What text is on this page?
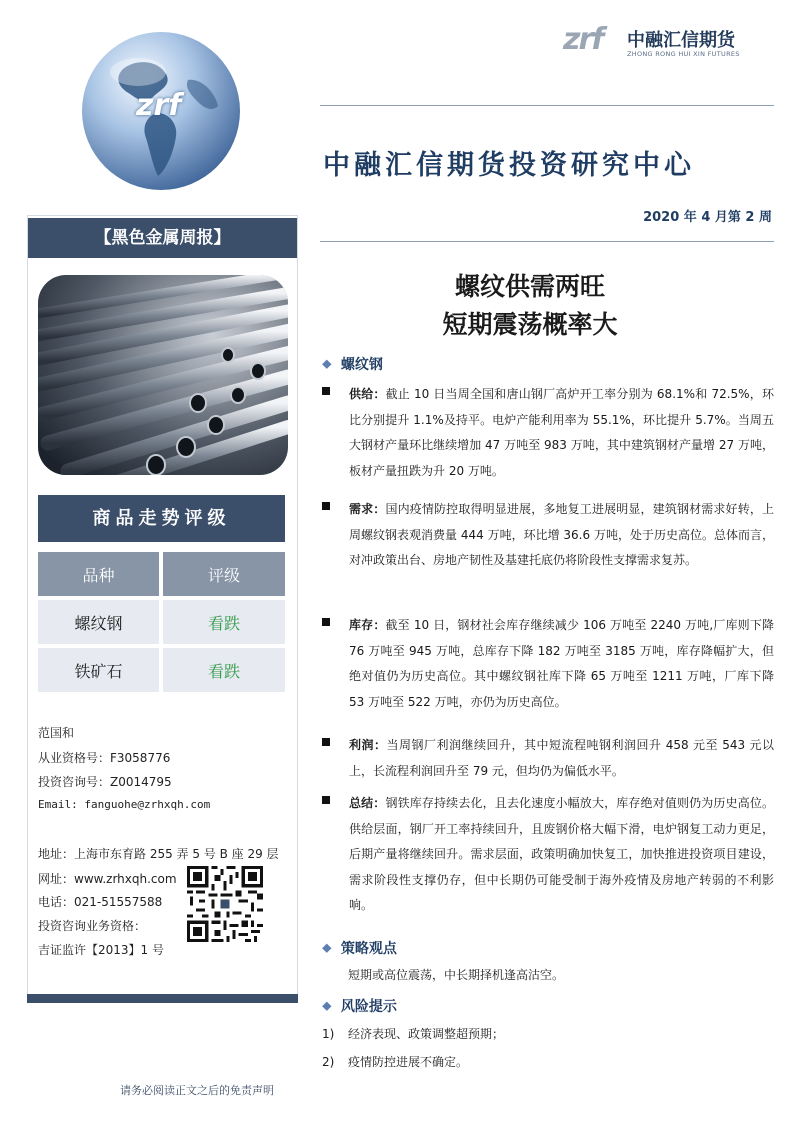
zrf
zrf 中融汇信期货
ZHONG RONG HUI XIN FUTURES
中融汇信期货投资研究中心
2020 年 4 月第 2 周
【黑色金属周报】
商品走势评级
品种	评级
螺纹钢	看跌
铁矿石	看跌
范国和
从业资格号：F3058776
投资咨询号：Z0014795
Email: fanguohe@zrhxqh.com
地址：上海市东育路 255 弄 5 号 B 座 29 层
网址：www.zrhxqh.com
电话：021-51557588
投资咨询业务资格：
吉证监许【2013】1 号
螺纹供需两旺
短期震荡概率大
⯁ 螺纹钢
供给：截止 10 日当周全国和唐山钢厂高炉开工率分别为 68.1%和 72.5%，环比分别提升 1.1%及持平。电炉产能利用率为 55.1%，环比提升 5.7%。当周五大钢材产量环比继续增加 47 万吨至 983 万吨，其中建筑钢材产量增 27 万吨，板材产量扭跌为升 20 万吨。
需求：国内疫情防控取得明显进展，多地复工进展明显，建筑钢材需求好转，上周螺纹钢表观消费量 444 万吨，环比增 36.6 万吨，处于历史高位。总体而言，对冲政策出台、房地产韧性及基建托底仍将阶段性支撑需求复苏。
库存：截至 10 日，钢材社会库存继续减少 106 万吨至 2240 万吨,厂库则下降 76 万吨至 945 万吨，总库存下降 182 万吨至 3185 万吨，库存降幅扩大，但绝对值仍为历史高位。其中螺纹钢社库下降 65 万吨至 1211 万吨，厂库下降 53 万吨至 522 万吨，亦仍为历史高位。
利润：当周钢厂利润继续回升，其中短流程吨钢利润回升 458 元至 543 元以上，长流程利润回升至 79 元，但均仍为偏低水平。
总结：钢铁库存持续去化，且去化速度小幅放大，库存绝对值则仍为历史高位。供给层面，钢厂开工率持续回升，且废钢价格大幅下滑，电炉钢复工动力更足，后期产量将继续回升。需求层面，政策明确加快复工，加快推进投资项目建设，需求阶段性支撑仍存，但中长期仍可能受制于海外疫情及房地产转弱的不利影响。
⯁ 策略观点
短期或高位震荡，中长期择机逢高沽空。
⯁ 风险提示
1) 经济表现、政策调整超预期；
2) 疫情防控进展不确定。
请务必阅读正文之后的免责声明
